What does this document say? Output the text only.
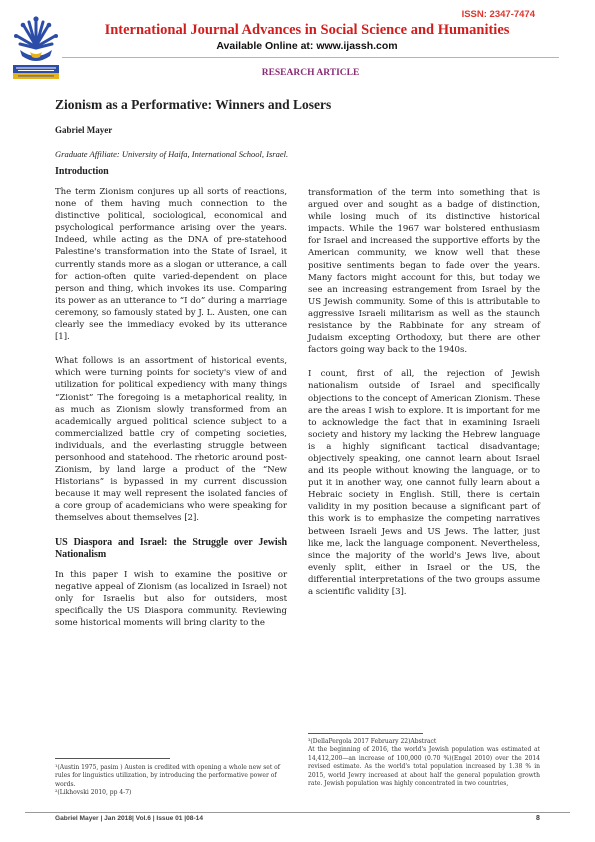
ISSN: 2347-7474
International Journal Advances in Social Science and Humanities
Available Online at: www.ijassh.com
RESEARCH ARTICLE
Zionism as a Performative: Winners and Losers
Gabriel Mayer
Graduate Affiliate: University of Haifa, International School, Israel.
Introduction

The term Zionism conjures up all sorts of reactions, none of them having much connection to the distinctive political, sociological, economical and psychological performance arising over the years. Indeed, while acting as the DNA of pre-statehood Palestine's transformation into the State of Israel, it currently stands more as a slogan or utterance, a call for action-often quite varied-dependent on place person and thing, which invokes its use. Comparing its power as an utterance to “I do” during a marriage ceremony, so famously stated by J. L. Austen, one can clearly see the immediacy evoked by its utterance [1].

What follows is an assortment of historical events, which were turning points for society's view of and utilization for political expediency with many things “Zionist” The foregoing is a metaphorical reality, in as much as Zionism slowly transformed from an academically argued political science subject to a commercialized battle cry of competing societies, individuals, and the everlasting struggle between personhood and statehood. The rhetoric around post-Zionism, by land large a product of the “New Historians” is bypassed in my current discussion because it may well represent the isolated fancies of a core group of academicians who were speaking for themselves about themselves [2].

US Diaspora and Israel: the Struggle over Jewish Nationalism

In this paper I wish to examine the positive or negative appeal of Zionism (as localized in Israel) not only for Israelis but also for outsiders, most specifically the US Diaspora community. Reviewing some historical moments will bring clarity to the

transformation of the term into something that is argued over and sought as a badge of distinction, while losing much of its distinctive historical impacts. While the 1967 war bolstered enthusiasm for Israel and increased the supportive efforts by the American community, we know well that these positive sentiments began to fade over the years. Many factors might account for this, but today we see an increasing estrangement from Israel by the US Jewish community. Some of this is attributable to aggressive Israeli militarism as well as the staunch resistance by the Rabbinate for any stream of Judaism excepting Orthodoxy, but there are other factors going way back to the 1940s.

I count, first of all, the rejection of Jewish nationalism outside of Israel and specifically objections to the concept of American Zionism. These are the areas I wish to explore. It is important for me to acknowledge the fact that in examining Israeli society and history my lacking the Hebrew language is a highly significant tactical disadvantage; objectively speaking, one cannot learn about Israel and its people without knowing the language, or to put it in another way, one cannot fully learn about a Hebraic society in English. Still, there is certain validity in my position because a significant part of this work is to emphasize the competing narratives between Israeli Jews and US Jews. The latter, just like me, lack the language component. Nevertheless, since the majority of the world's Jews live, about evenly split, either in Israel or the US, the differential interpretations of the two groups assume a scientific validity [3].

¹(Austin 1975, pasim ) Austen is credited with opening a whole new set of rules for linguistics utilization, by introducing the performative power of words.
²(Likhovski 2010, pp 4-7)
³(DellaPergola 2017 February 22)Abstract
At the beginning of 2016, the world's Jewish population was estimated at 14,412,200—an increase of 100,000 (0.70 %)(Engel 2010) over the 2014 revised estimate. As the world's total population increased by 1.38 % in 2015, world Jewry increased at about half the general population growth rate. Jewish population was highly concentrated in two countries,
Gabriel Mayer | Jan 2018| Vol.6 | Issue 01 |08-14	8
